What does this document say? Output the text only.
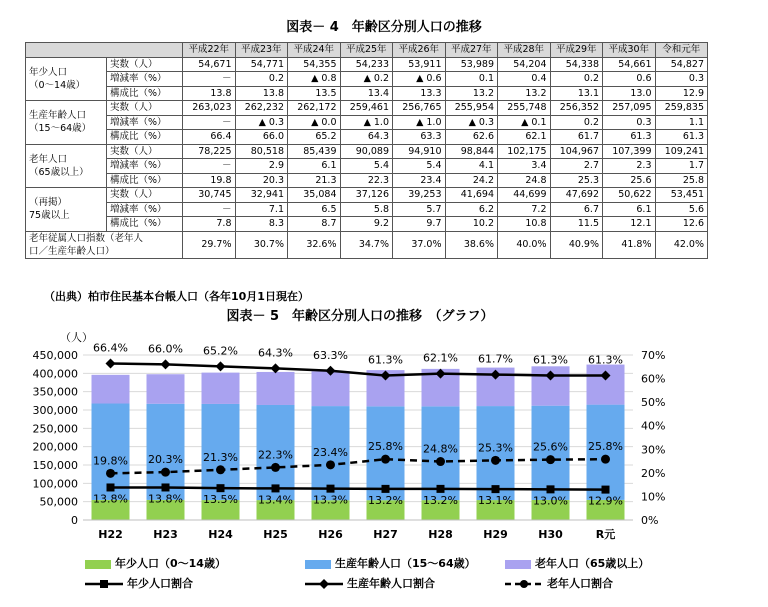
図表－ 4　年齢区分別人口の推移
		平成22年	平成23年	平成24年	平成25年	平成26年	平成27年	平成28年	平成29年	平成30年	令和元年

年少人口
（0～14歳）	実数（人）	54,671	54,771	54,355	54,233	53,911	53,989	54,204	54,338	54,661	54,827
	増減率（%）	－	0.2	▲ 0.8	▲ 0.2	▲ 0.6	0.1	0.4	0.2	0.6	0.3
	構成比（%）	13.8	13.8	13.5	13.4	13.3	13.2	13.2	13.1	13.0	12.9

生産年齢人口
（15～64歳）	実数（人）	263,023	262,232	262,172	259,461	256,765	255,954	255,748	256,352	257,095	259,835
	増減率（%）	－	▲ 0.3	▲ 0.0	▲ 1.0	▲ 1.0	▲ 0.3	▲ 0.1	0.2	0.3	1.1
	構成比（%）	66.4	66.0	65.2	64.3	63.3	62.6	62.1	61.7	61.3	61.3

老年人口
（65歳以上）	実数（人）	78,225	80,518	85,439	90,089	94,910	98,844	102,175	104,967	107,399	109,241
	増減率（%）	－	2.9	6.1	5.4	5.4	4.1	3.4	2.7	2.3	1.7
	構成比（%）	19.8	20.3	21.3	22.3	23.4	24.2	24.8	25.3	25.6	25.8

（再掲）
75歳以上	実数（人）	30,745	32,941	35,084	37,126	39,253	41,694	44,699	47,692	50,622	53,451
	増減率（%）	－	7.1	6.5	5.8	5.7	6.2	7.2	6.7	6.1	5.6
	構成比（%）	7.8	8.3	8.7	9.2	9.7	10.2	10.8	11.5	12.1	12.6

老年従属人口指数（老年人
口／生産年齢人口）		29.7%	30.7%	32.6%	34.7%	37.0%	38.6%	40.0%	40.9%	41.8%	42.0%
（出典）柏市住民基本台帳人口（各年10月1日現在）
図表－ 5　年齢区分別人口の推移　（グラフ）
0
50,000
100,000
150,000
200,000
250,000
300,000
350,000
400,000
450,000
0%
10%
20%
30%
40%
50%
60%
70%
（人）
H22	H23	H24	H25	H26	H27	H28	H29	H30	R元
13.8% 13.8% 13.5% 13.4% 13.3% 13.2% 13.2% 13.1% 13.0% 12.9%
66.4% 66.0% 65.2% 64.3% 63.3% 61.3% 62.1% 61.7% 61.3% 61.3%
19.8% 20.3% 21.3% 22.3% 23.4% 25.8% 24.8% 25.3% 25.6% 25.8%
年少人口（0～14歳）	生産年齢人口（15～64歳）	老年人口（65歳以上）
年少人口割合	生産年齢人口割合	老年人口割合
